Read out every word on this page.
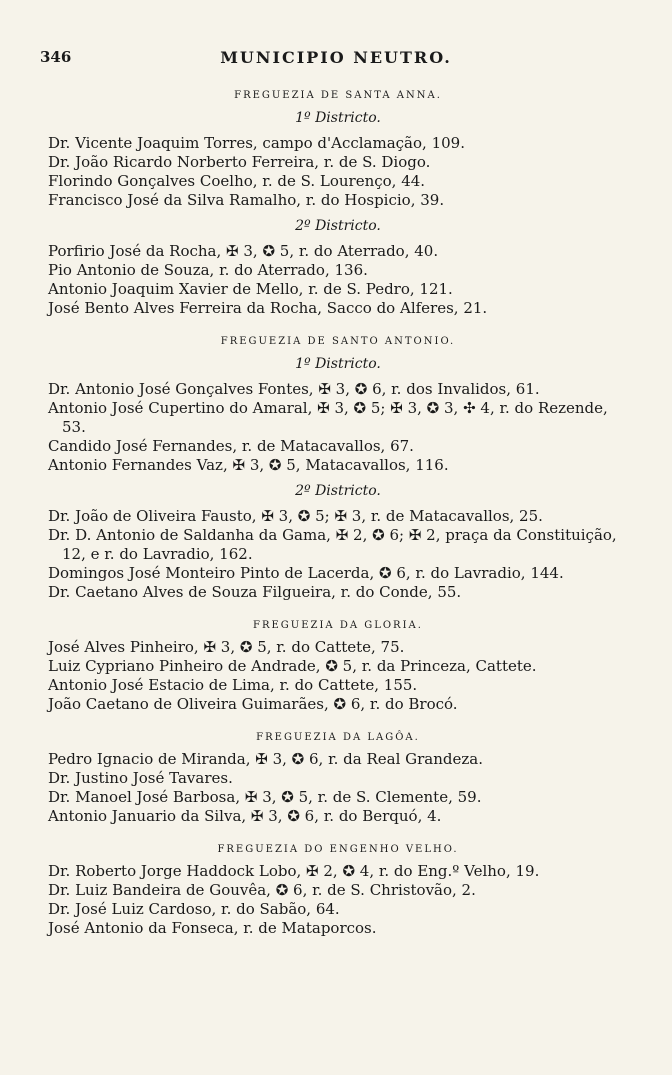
346	MUNICIPIO NEUTRO.
FREGUEZIA DE SANTA ANNA.
1º Districto.
Dr. Vicente Joaquim Torres, campo d'Acclamação, 109.
Dr. João Ricardo Norberto Ferreira, r. de S. Diogo.
Florindo Gonçalves Coelho, r. de S. Lourenço, 44.
Francisco José da Silva Ramalho, r. do Hospicio, 39.
2º Districto.
Porfirio José da Rocha, ✠ 3, ✪ 5, r. do Aterrado, 40.
Pio Antonio de Souza, r. do Aterrado, 136.
Antonio Joaquim Xavier de Mello, r. de S. Pedro, 121.
José Bento Alves Ferreira da Rocha, Sacco do Alferes, 21.
FREGUEZIA DE SANTO ANTONIO.
1º Districto.
Dr. Antonio José Gonçalves Fontes, ✠ 3, ✪ 6, r. dos Invalidos, 61.
Antonio José Cupertino do Amaral, ✠ 3, ✪ 5; ✠ 3, ✪ 3, ✣ 4, r. do Rezende, 53.
Candido José Fernandes, r. de Matacavallos, 67.
Antonio Fernandes Vaz, ✠ 3, ✪ 5, Matacavallos, 116.
2º Districto.
Dr. João de Oliveira Fausto, ✠ 3, ✪ 5; ✠ 3, r. de Matacavallos, 25.
Dr. D. Antonio de Saldanha da Gama, ✠ 2, ✪ 6; ✠ 2, praça da Constituição, 12, e r. do Lavradio, 162.
Domingos José Monteiro Pinto de Lacerda, ✪ 6, r. do Lavradio, 144.
Dr. Caetano Alves de Souza Filgueira, r. do Conde, 55.
FREGUEZIA DA GLORIA.
José Alves Pinheiro, ✠ 3, ✪ 5, r. do Cattete, 75.
Luiz Cypriano Pinheiro de Andrade, ✪ 5, r. da Princeza, Cattete.
Antonio José Estacio de Lima, r. do Cattete, 155.
João Caetano de Oliveira Guimarães, ✪ 6, r. do Brocó.
FREGUEZIA DA LAGÔA.
Pedro Ignacio de Miranda, ✠ 3, ✪ 6, r. da Real Grandeza.
Dr. Justino José Tavares.
Dr. Manoel José Barbosa, ✠ 3, ✪ 5, r. de S. Clemente, 59.
Antonio Januario da Silva, ✠ 3, ✪ 6, r. do Berquó, 4.
FREGUEZIA DO ENGENHO VELHO.
Dr. Roberto Jorge Haddock Lobo, ✠ 2, ✪ 4, r. do Eng.º Velho, 19.
Dr. Luiz Bandeira de Gouvêa, ✪ 6, r. de S. Christovão, 2.
Dr. José Luiz Cardoso, r. do Sabão, 64.
José Antonio da Fonseca, r. de Mataporcos.
